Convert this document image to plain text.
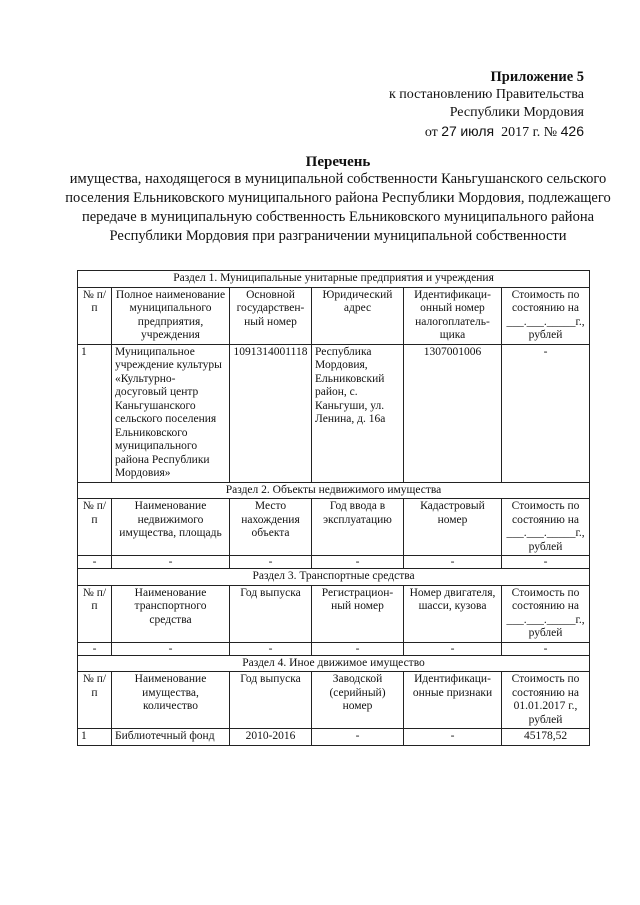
Приложение 5
к постановлению Правительства
Республики Мордовия
от 27 июля 2017 г. № 426
Перечень
имущества, находящегося в муниципальной собственности Каньгушанского сельского поселения Ельниковского муниципального района Республики Мордовия, подлежащего передаче в муниципальную собственность Ельниковского муниципального района Республики Мордовия при разграничении муниципальной собственности
Раздел 1. Муниципальные унитарные предприятия и учреждения					
№ п/п	Полное наименование муниципального предприятия, учреждения	Основной государствен-ный номер	Юридический адрес	Идентификаци-онный номер налогоплатель-щика	Стоимость по состоянию на ___.___._____г., рублей
1	Муниципальное учреждение культуры «Культурно-досуговый центр Каньгушанского сельского поселения Ельниковского муниципального района Республики Мордовия»	1091314001118	Республика Мордовия, Ельниковский район, с. Каньгуши, ул. Ленина, д. 16а	1307001006	-
Раздел 2. Объекты недвижимого имущества					
№ п/п	Наименование недвижимого имущества, площадь	Место нахождения объекта	Год ввода в эксплуатацию	Кадастровый номер	Стоимость по состоянию на ___.___._____г., рублей
-	-	-	-	-	-
Раздел 3. Транспортные средства					
№ п/п	Наименование транспортного средства	Год выпуска	Регистрацион-ный номер	Номер двигателя, шасси, кузова	Стоимость по состоянию на ___.___._____г., рублей
-	-	-	-	-	-
Раздел 4. Иное движимое имущество					
№ п/п	Наименование имущества, количество	Год выпуска	Заводской (серийный) номер	Идентификаци-онные признаки	Стоимость по состоянию на 01.01.2017 г., рублей
1	Библиотечный фонд	2010-2016	-	-	45178,52
